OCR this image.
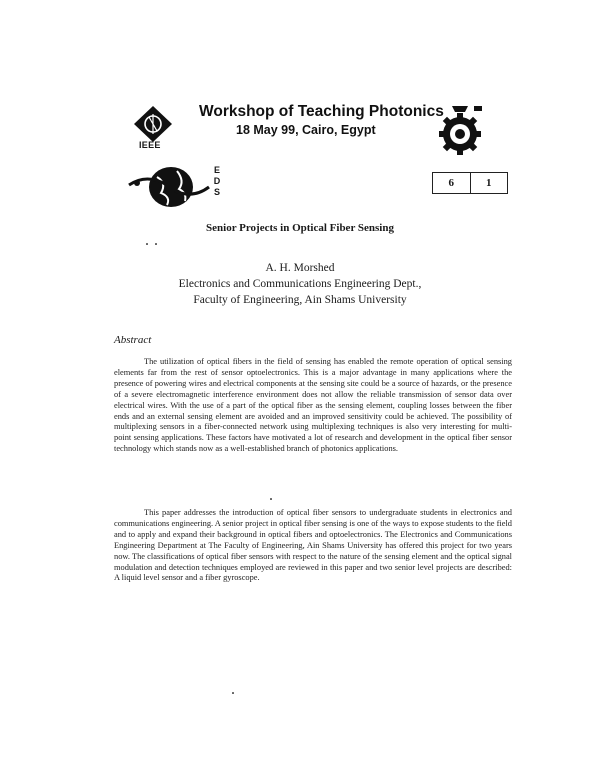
IEEE
Workshop of Teaching Photonics
18 May 99, Cairo, Egypt
E
D
S
6	1
Senior Projects in Optical Fiber Sensing
A. H. Morshed
Electronics and Communications Engineering Dept.,
Faculty of Engineering, Ain Shams University
Abstract
The utilization of optical fibers in the field of sensing has enabled the remote operation of optical sensing elements far from the rest of sensor optoelectronics. This is a major advantage in many applications where the presence of powering wires and electrical components at the sensing site could be a source of hazards, or the presence of a severe electromagnetic interference environment does not allow the reliable transmission of sensor data over electrical wires. With the use of a part of the optical fiber as the sensing element, coupling losses between the fiber ends and an external sensing element are avoided and an improved sensitivity could be achieved. The possibility of multiplexing sensors in a fiber-connected network using multiplexing techniques is also very interesting for multi-point sensing applications. These factors have motivated a lot of research and development in the optical fiber sensor technology which stands now as a well-established branch of photonics applications.
This paper addresses the introduction of optical fiber sensors to undergraduate students in electronics and communications engineering. A senior project in optical fiber sensing is one of the ways to expose students to the field and to apply and expand their background in optical fibers and optoelectronics. The Electronics and Communications Engineering Department at The Faculty of Engineering, Ain Shams University has offered this project for two years now. The classifications of optical fiber sensors with respect to the nature of the sensing element and the optical signal modulation and detection techniques employed are reviewed in this paper and two senior level projects are described: A liquid level sensor and a fiber gyroscope.
